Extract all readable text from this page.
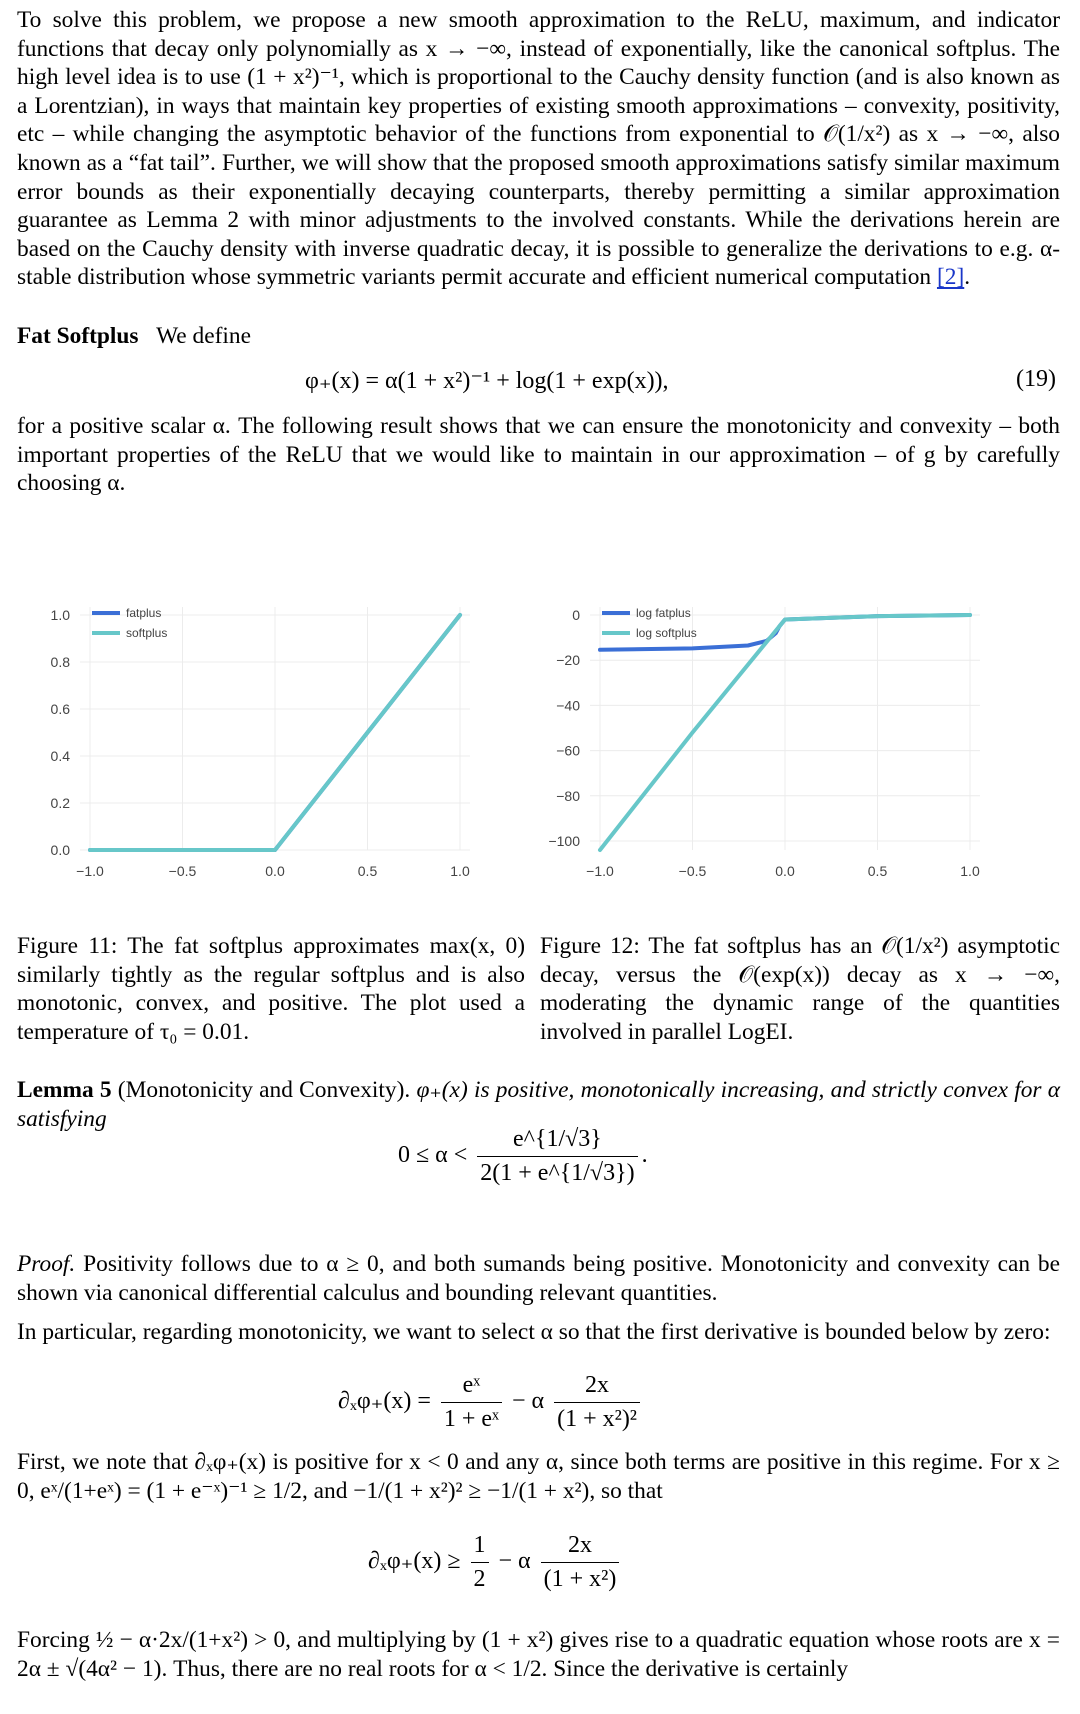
To solve this problem, we propose a new smooth approximation to the ReLU, maximum, and indicator functions that decay only polynomially as x → −∞, instead of exponentially, like the canonical softplus. The high level idea is to use (1 + x²)⁻¹, which is proportional to the Cauchy density function (and is also known as a Lorentzian), in ways that maintain key properties of existing smooth approximations – convexity, positivity, etc – while changing the asymptotic behavior of the functions from exponential to 𝒪(1/x²) as x → −∞, also known as a “fat tail”. Further, we will show that the proposed smooth approximations satisfy similar maximum error bounds as their exponentially decaying counterparts, thereby permitting a similar approximation guarantee as Lemma 2 with minor adjustments to the involved constants. While the derivations herein are based on the Cauchy density with inverse quadratic decay, it is possible to generalize the derivations to e.g. α-stable distribution whose symmetric variants permit accurate and efficient numerical computation [2].
Fat Softplus We define
φ₊(x) = α(1 + x²)⁻¹ + log(1 + exp(x)),	(19)
for a positive scalar α. The following result shows that we can ensure the monotonicity and convexity – both important properties of the ReLU that we would like to maintain in our approximation – of g by carefully choosing α.
−1.0	−0.5	0.0	0.5	1.0
0.0
0.2
0.4
0.6
0.8
1.0	fatplus
softplus
−1.0	−0.5	0.0	0.5	1.0
0
−20
−40
−60
−80
−100
log fatplus
log softplus
Figure 11: The fat softplus approximates max(x, 0) similarly tightly as the regular softplus and is also monotonic, convex, and positive. The plot used a temperature of τ₀ = 0.01.
Figure 12: The fat softplus has an 𝒪(1/x²) asymptotic decay, versus the 𝒪(exp(x)) decay as x → −∞, moderating the dynamic range of the quantities involved in parallel LogEI.
Lemma 5 (Monotonicity and Convexity). φ₊(x) is positive, monotonically increasing, and strictly convex for α satisfying
$0 \le \alpha < \frac{e\^{}\{1/√3\}}{2(1 + e\^{}\{1/√3\})}$ .
Proof. Positivity follows due to α ≥ 0, and both sumands being positive. Monotonicity and convexity can be shown via canonical differential calculus and bounding relevant quantities.
In particular, regarding monotonicity, we want to select α so that the first derivative is bounded below by zero:
$\partial_x\varphi_+(x) = \frac{\text{eˣ}}{\text{1 + eˣ}} - \alpha \frac{2x}{\text{(1 + x²)²}}$
First, we note that ∂ₓφ₊(x) is positive for x < 0 and any α, since both terms are positive in this regime. For x ≥ 0, eˣ/(1+eˣ) = (1 + e⁻ˣ)⁻¹ ≥ 1/2, and −1/(1 + x²)² ≥ −1/(1 + x²), so that
$\partial_x\varphi_+(x) \ge \frac{1}{2} - \alpha \frac{2x}{\text{(1 + x²)}}$
Forcing ½ − α·2x/(1+x²) > 0, and multiplying by (1 + x²) gives rise to a quadratic equation whose roots are x = 2α ± √(4α² − 1). Thus, there are no real roots for α < 1/2. Since the derivative is certainly
